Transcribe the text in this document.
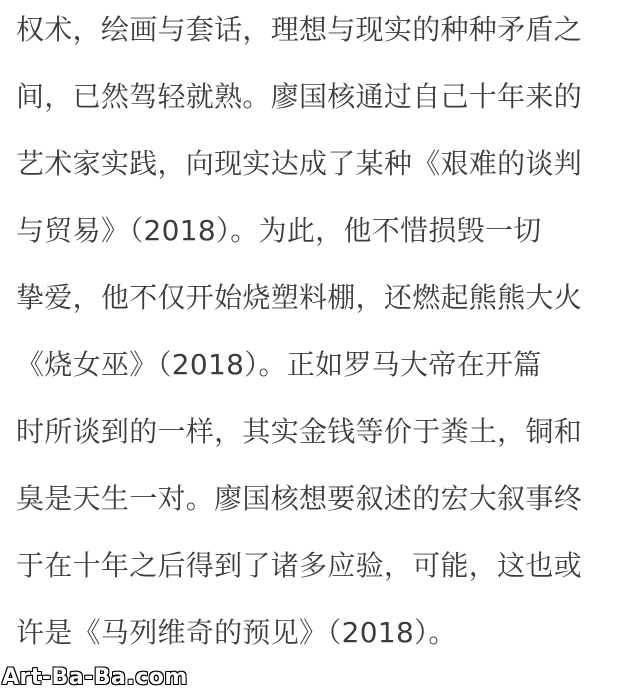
权术，绘画与套话，理想与现实的种种矛盾之
间，已然驾轻就熟。廖国核通过自己十年来的
艺术家实践，向现实达成了某种《艰难的谈判
与贸易》（2018）。为此，他不惜损毁一切
挚爱，他不仅开始烧塑料棚，还燃起熊熊大火
《烧女巫》（2018）。正如罗马大帝在开篇
时所谈到的一样，其实金钱等价于粪土，铜和
臭是天生一对。廖国核想要叙述的宏大叙事终
于在十年之后得到了诸多应验，可能，这也或
许是《马列维奇的预见》（2018）。
Art-Ba-Ba.com
